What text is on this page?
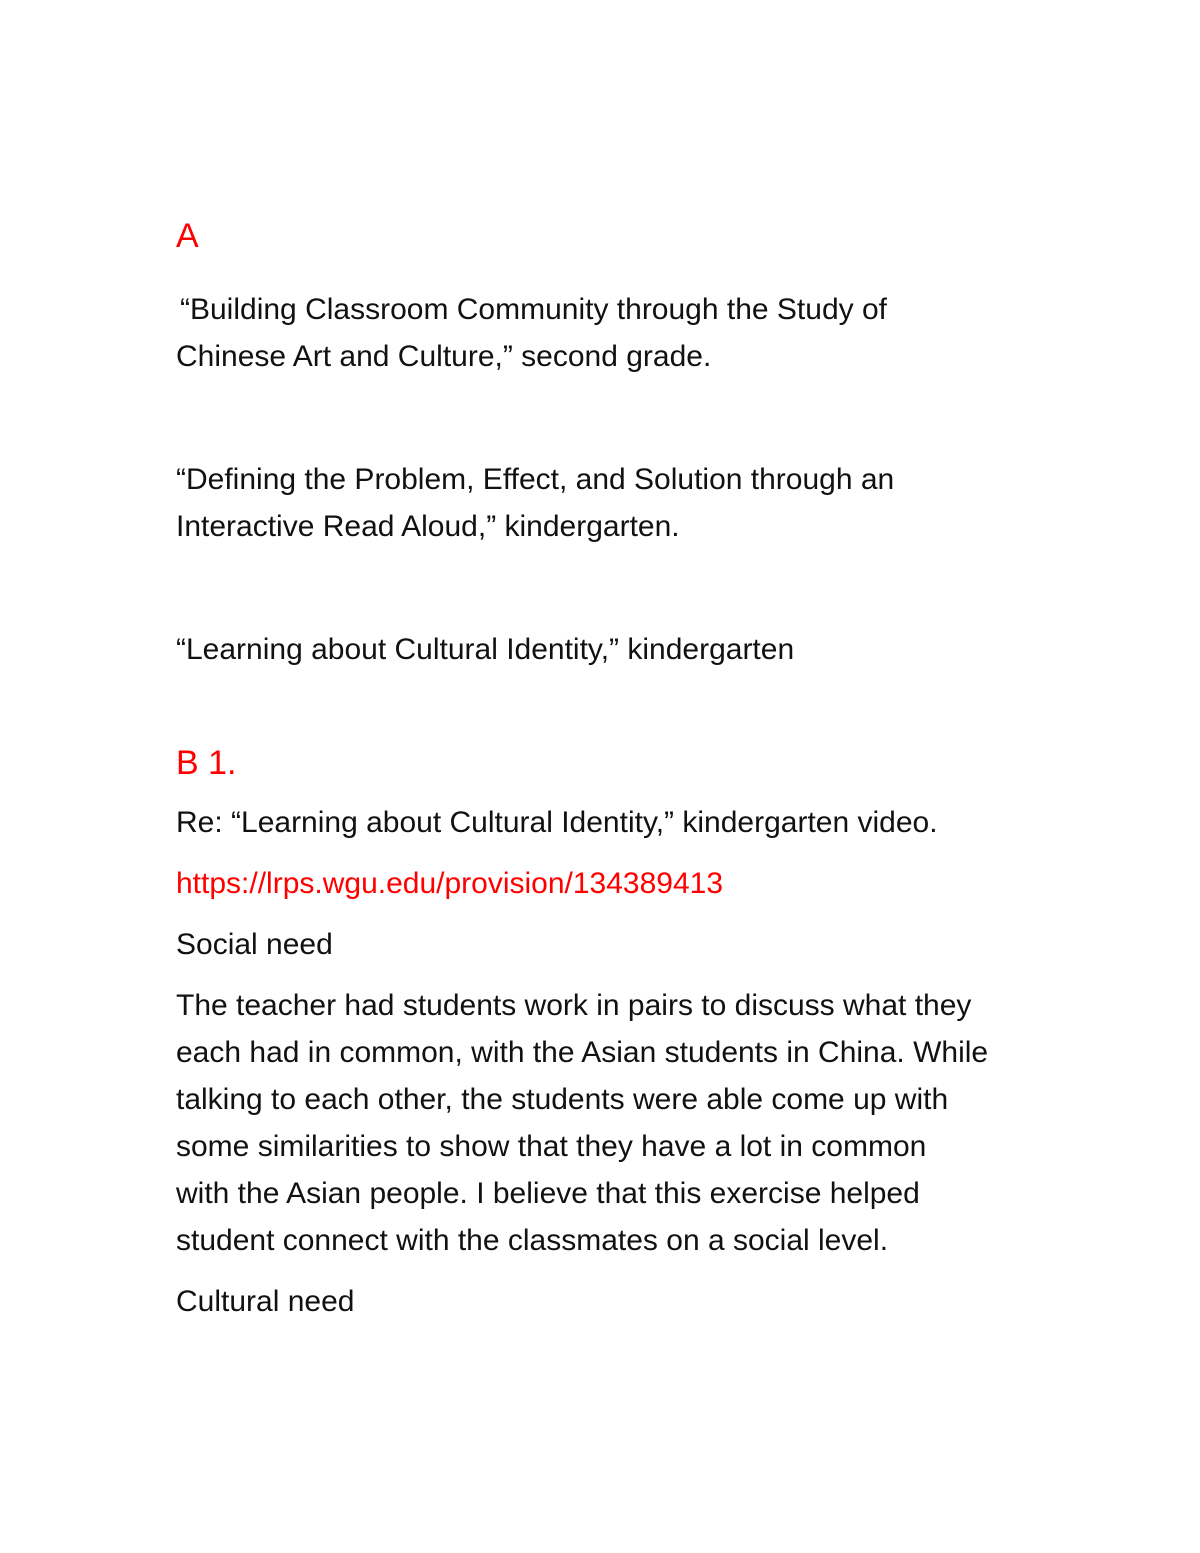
A

“Building Classroom Community through the Study of

Chinese Art and Culture,” second grade.

“Defining the Problem, Effect, and Solution through an

Interactive Read Aloud,” kindergarten.

“Learning about Cultural Identity,” kindergarten

B 1.

Re: “Learning about Cultural Identity,” kindergarten video.

https://lrps.wgu.edu/provision/134389413

Social need

The teacher had students work in pairs to discuss what they

each had in common, with the Asian students in China. While

talking to each other, the students were able come up with

some similarities to show that they have a lot in common

with the Asian people. I believe that this exercise helped

student connect with the classmates on a social level.

Cultural need
